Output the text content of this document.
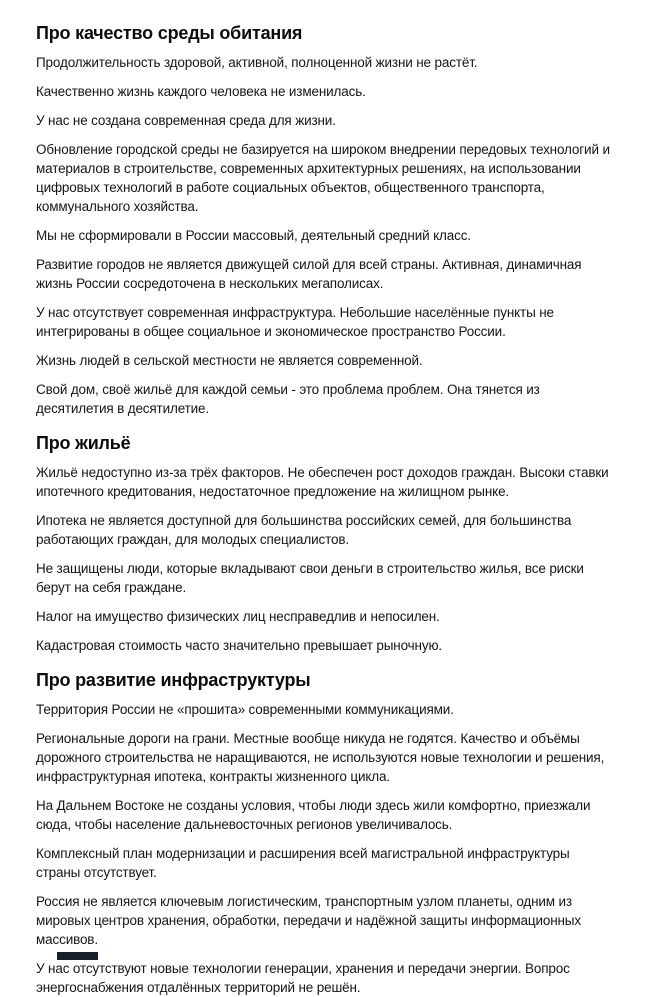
Про качество среды обитания

Продолжительность здоровой, активной, полноценной жизни не растёт.

Качественно жизнь каждого человека не изменилась.

У нас не создана современная среда для жизни.

Обновление городской среды не базируется на широком внедрении передовых технологий и материалов в строительстве, современных архитектурных решениях, на использовании цифровых технологий в работе социальных объектов, общественного транспорта, коммунального хозяйства.

Мы не сформировали в России массовый, деятельный средний класс.

Развитие городов не является движущей силой для всей страны. Активная, динамичная жизнь России сосредоточена в нескольких мегаполисах.

У нас отсутствует современная инфраструктура. Небольшие населённые пункты не интегрированы в общее социальное и экономическое пространство России.

Жизнь людей в сельской местности не является современной.

Свой дом, своё жильё для каждой семьи - это проблема проблем. Она тянется из десятилетия в десятилетие.

Про жильё

Жильё недоступно из-за трёх факторов. Не обеспечен рост доходов граждан. Высоки ставки ипотечного кредитования, недостаточное предложение на жилищном рынке.

Ипотека не является доступной для большинства российских семей, для большинства работающих граждан, для молодых специалистов.

Не защищены люди, которые вкладывают свои деньги в строительство жилья, все риски берут на себя граждане.

Налог на имущество физических лиц несправедлив и непосилен.

Кадастровая стоимость часто значительно превышает рыночную.

Про развитие инфраструктуры

Территория России не «прошита» современными коммуникациями.

Региональные дороги на грани. Местные вообще никуда не годятся. Качество и объёмы дорожного строительства не наращиваются, не используются новые технологии и решения, инфраструктурная ипотека, контракты жизненного цикла.

На Дальнем Востоке не созданы условия, чтобы люди здесь жили комфортно, приезжали сюда, чтобы население дальневосточных регионов увеличивалось.

Комплексный план модернизации и расширения всей магистральной инфраструктуры страны отсутствует.

Россия не является ключевым логистическим, транспортным узлом планеты, одним из мировых центров хранения, обработки, передачи и надёжной защиты информационных массивов.

У нас отсутствуют новые технологии генерации, хранения и передачи энергии. Вопрос энергоснабжения отдалённых территорий не решён.
